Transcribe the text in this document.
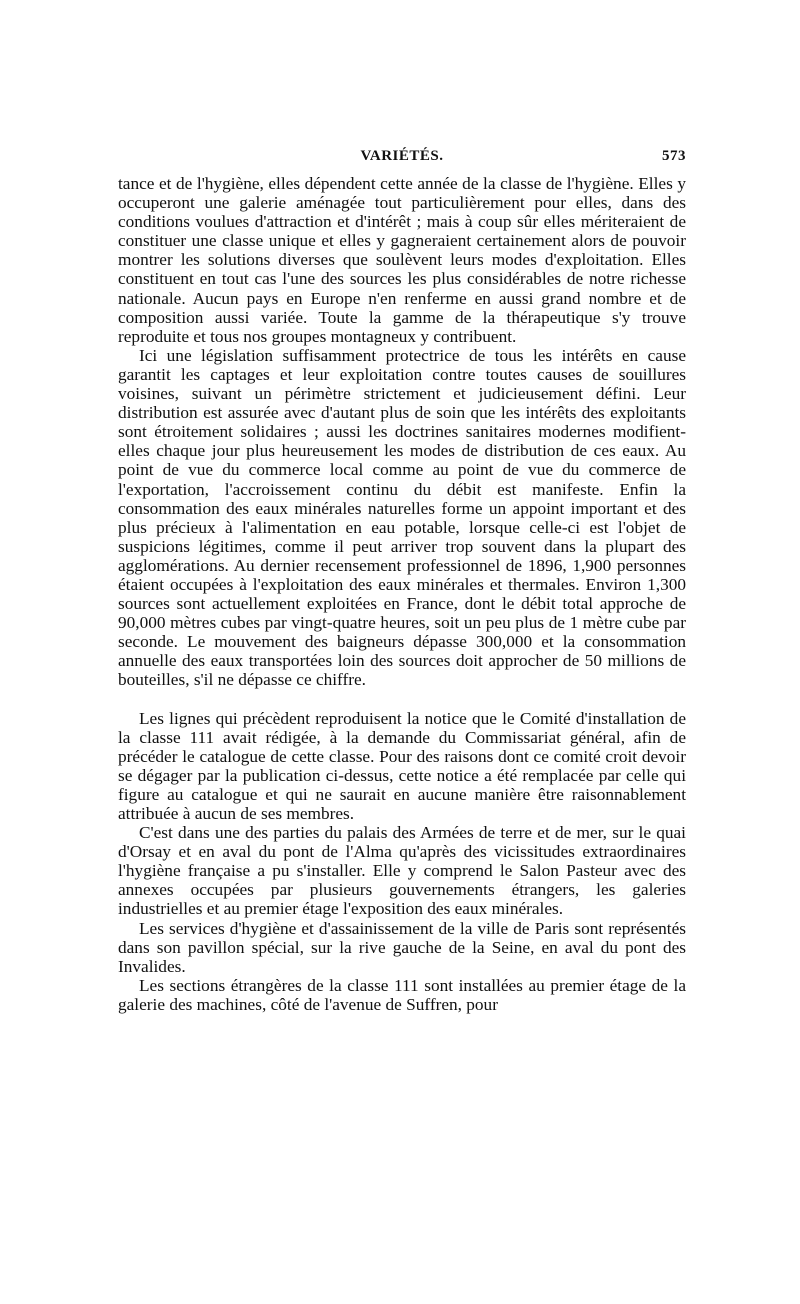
VARIÉTÉS.	573

tance et de l'hygiène, elles dépendent cette année de la classe de l'hygiène. Elles y occuperont une galerie aménagée tout particulièrement pour elles, dans des conditions voulues d'attraction et d'intérêt ; mais à coup sûr elles mériteraient de constituer une classe unique et elles y gagneraient certainement alors de pouvoir montrer les solutions diverses que soulèvent leurs modes d'exploitation. Elles constituent en tout cas l'une des sources les plus considérables de notre richesse nationale. Aucun pays en Europe n'en renferme en aussi grand nombre et de composition aussi variée. Toute la gamme de la thérapeutique s'y trouve reproduite et tous nos groupes montagneux y contribuent.

Ici une législation suffisamment protectrice de tous les intérêts en cause garantit les captages et leur exploitation contre toutes causes de souillures voisines, suivant un périmètre strictement et judicieusement défini. Leur distribution est assurée avec d'autant plus de soin que les intérêts des exploitants sont étroitement solidaires ; aussi les doctrines sanitaires modernes modifient-elles chaque jour plus heureusement les modes de distribution de ces eaux. Au point de vue du commerce local comme au point de vue du commerce de l'exportation, l'accroissement continu du débit est manifeste. Enfin la consommation des eaux minérales naturelles forme un appoint important et des plus précieux à l'alimentation en eau potable, lorsque celle-ci est l'objet de suspicions légitimes, comme il peut arriver trop souvent dans la plupart des agglomérations. Au dernier recensement professionnel de 1896, 1,900 personnes étaient occupées à l'exploitation des eaux minérales et thermales. Environ 1,300 sources sont actuellement exploitées en France, dont le débit total approche de 90,000 mètres cubes par vingt-quatre heures, soit un peu plus de 1 mètre cube par seconde. Le mouvement des baigneurs dépasse 300,000 et la consommation annuelle des eaux transportées loin des sources doit approcher de 50 millions de bouteilles, s'il ne dépasse ce chiffre.

Les lignes qui précèdent reproduisent la notice que le Comité d'installation de la classe 111 avait rédigée, à la demande du Commissariat général, afin de précéder le catalogue de cette classe. Pour des raisons dont ce comité croit devoir se dégager par la publication ci-dessus, cette notice a été remplacée par celle qui figure au catalogue et qui ne saurait en aucune manière être raisonnablement attribuée à aucun de ses membres.

C'est dans une des parties du palais des Armées de terre et de mer, sur le quai d'Orsay et en aval du pont de l'Alma qu'après des vicissitudes extraordinaires l'hygiène française a pu s'installer. Elle y comprend le Salon Pasteur avec des annexes occupées par plusieurs gouvernements étrangers, les galeries industrielles et au premier étage l'exposition des eaux minérales.

Les services d'hygiène et d'assainissement de la ville de Paris sont représentés dans son pavillon spécial, sur la rive gauche de la Seine, en aval du pont des Invalides.

Les sections étrangères de la classe 111 sont installées au premier étage de la galerie des machines, côté de l'avenue de Suffren, pour
